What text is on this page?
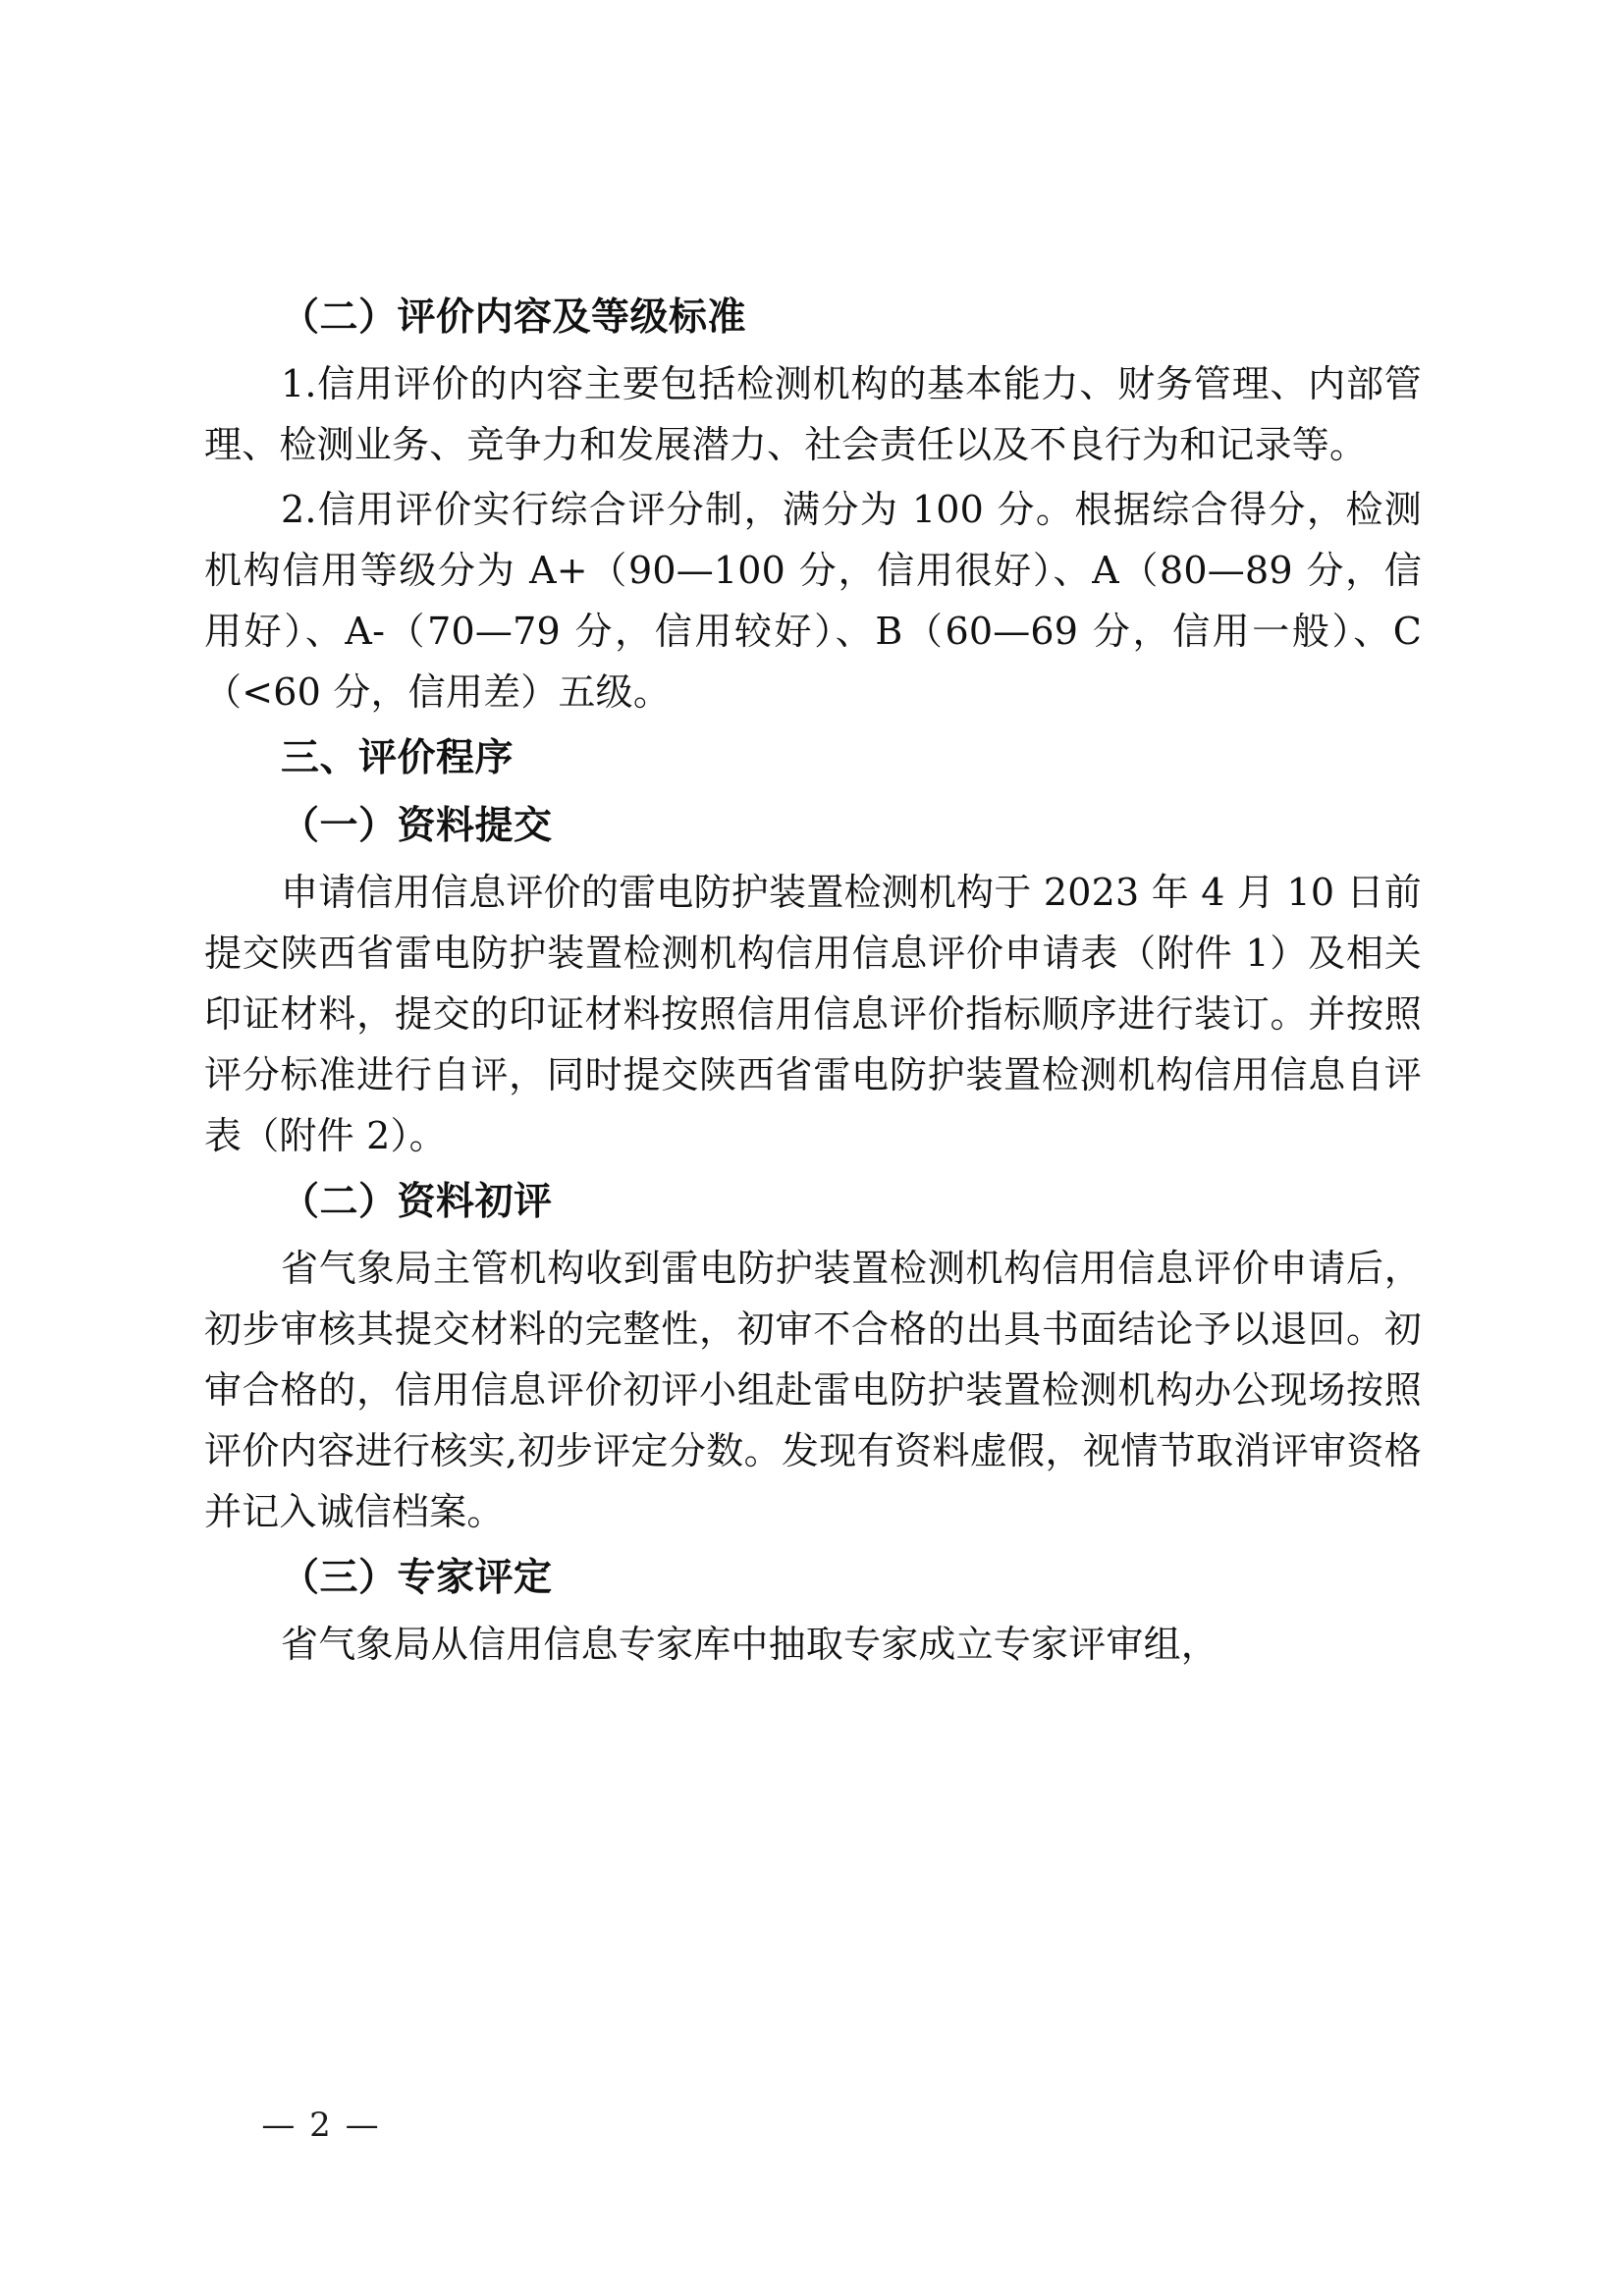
（二）评价内容及等级标准

1.信用评价的内容主要包括检测机构的基本能力、财务管理、内部管理、检测业务、竞争力和发展潜力、社会责任以及不良行为和记录等。

2.信用评价实行综合评分制，满分为 100 分。根据综合得分，检测机构信用等级分为 A+（90—100 分，信用很好）、A（80—89 分，信用好）、A-（70—79 分，信用较好）、B（60—69 分，信用一般）、C（<60 分，信用差）五级。

三、评价程序
（一）资料提交

申请信用信息评价的雷电防护装置检测机构于 2023 年 4 月 10 日前提交陕西省雷电防护装置检测机构信用信息评价申请表（附件 1）及相关印证材料，提交的印证材料按照信用信息评价指标顺序进行装订。并按照评分标准进行自评，同时提交陕西省雷电防护装置检测机构信用信息自评表（附件 2）。

（二）资料初评

省气象局主管机构收到雷电防护装置检测机构信用信息评价申请后，初步审核其提交材料的完整性，初审不合格的出具书面结论予以退回。初审合格的，信用信息评价初评小组赴雷电防护装置检测机构办公现场按照评价内容进行核实,初步评定分数。发现有资料虚假，视情节取消评审资格并记入诚信档案。

（三）专家评定

省气象局从信用信息专家库中抽取专家成立专家评审组，

— 2 —
